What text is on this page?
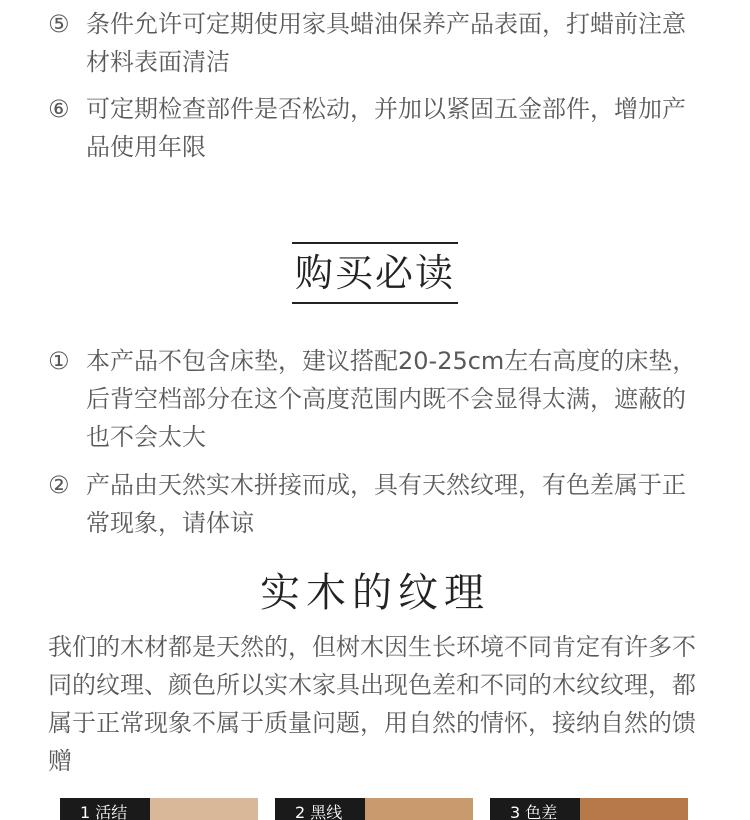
⑤ 条件允许可定期使用家具蜡油保养产品表面，打蜡前注意材料表面清洁
⑥ 可定期检查部件是否松动，并加以紧固五金部件，增加产品使用年限
购买必读
① 本产品不包含床垫，建议搭配20-25cm左右高度的床垫，后背空档部分在这个高度范围内既不会显得太满，遮蔽的也不会太大
② 产品由天然实木拼接而成，具有天然纹理，有色差属于正常现象，请体谅
实木的纹理
我们的木材都是天然的，但树木因生长环境不同肯定有许多不同的纹理、颜色所以实木家具出现色差和不同的木纹纹理，都属于正常现象不属于质量问题，用自然的情怀，接纳自然的馈赠
1 活结	2 黑线	3 色差
